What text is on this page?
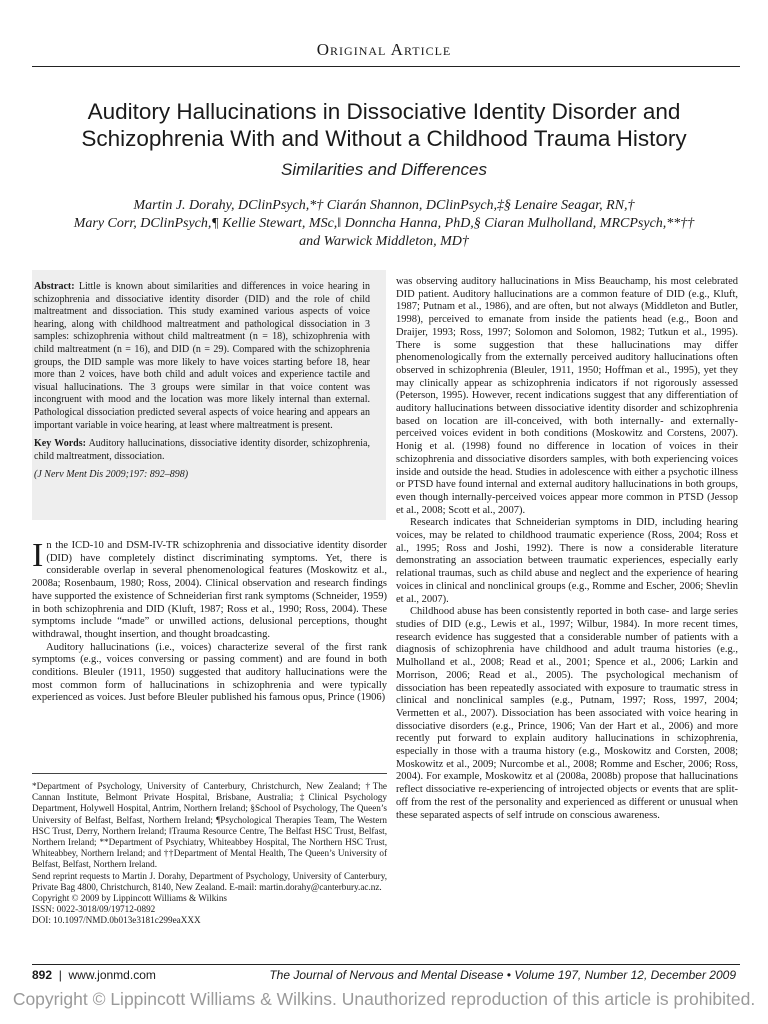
Original Article
Auditory Hallucinations in Dissociative Identity Disorder and Schizophrenia With and Without a Childhood Trauma History
Similarities and Differences
Martin J. Dorahy, DClinPsych,*† Ciarán Shannon, DClinPsych,‡§ Lenaire Seagar, RN,†
Mary Corr, DClinPsych,¶ Kellie Stewart, MSc,‖ Donncha Hanna, PhD,§ Ciaran Mulholland, MRCPsych,**††
and Warwick Middleton, MD†

Abstract: Little is known about similarities and differences in voice hearing in schizophrenia and dissociative identity disorder (DID) and the role of child maltreatment and dissociation. This study examined various aspects of voice hearing, along with childhood maltreatment and pathological dissociation in 3 samples: schizophrenia without child maltreatment (n = 18), schizophrenia with child maltreatment (n = 16), and DID (n = 29). Compared with the schizophrenia groups, the DID sample was more likely to have voices starting before 18, hear more than 2 voices, have both child and adult voices and experience tactile and visual hallucinations. The 3 groups were similar in that voice content was incongruent with mood and the location was more likely internal than external. Pathological dissociation predicted several aspects of voice hearing and appears an important variable in voice hearing, at least where maltreatment is present.

Key Words: Auditory hallucinations, dissociative identity disorder, schizophrenia, child maltreatment, dissociation.

(J Nerv Ment Dis 2009;197: 892–898)

In the ICD-10 and DSM-IV-TR schizophrenia and dissociative identity disorder (DID) have completely distinct discriminating symptoms. Yet, there is considerable overlap in several phenomenological features (Moskowitz et al., 2008a; Rosenbaum, 1980; Ross, 2004). Clinical observation and research findings have supported the existence of Schneiderian first rank symptoms (Schneider, 1959) in both schizophrenia and DID (Kluft, 1987; Ross et al., 1990; Ross, 2004). These symptoms include “made” or unwilled actions, delusional perceptions, thought withdrawal, thought insertion, and thought broadcasting.

Auditory hallucinations (i.e., voices) characterize several of the first rank symptoms (e.g., voices conversing or passing comment) and are found in both conditions. Bleuler (1911, 1950) suggested that auditory hallucinations were the most common form of hallucinations in schizophrenia and were typically experienced as voices. Just before Bleuler published his famous opus, Prince (1906)

*Department of Psychology, University of Canterbury, Christchurch, New Zealand; †The Cannan Institute, Belmont Private Hospital, Brisbane, Australia; ‡Clinical Psychology Department, Holywell Hospital, Antrim, Northern Ireland; §School of Psychology, The Queen’s University of Belfast, Belfast, Northern Ireland; ¶Psychological Therapies Team, The Western HSC Trust, Derry, Northern Ireland; ‖Trauma Resource Centre, The Belfast HSC Trust, Belfast, Northern Ireland; **Department of Psychiatry, Whiteabbey Hospital, The Northern HSC Trust, Whiteabbey, Northern Ireland; and ††Department of Mental Health, The Queen’s University of Belfast, Belfast, Northern Ireland.

Send reprint requests to Martin J. Dorahy, Department of Psychology, University of Canterbury, Private Bag 4800, Christchurch, 8140, New Zealand. E-mail: martin.dorahy@canterbury.ac.nz.

Copyright © 2009 by Lippincott Williams & Wilkins

ISSN: 0022-3018/09/19712-0892

DOI: 10.1097/NMD.0b013e3181c299eaXXX

was observing auditory hallucinations in Miss Beauchamp, his most celebrated DID patient. Auditory hallucinations are a common feature of DID (e.g., Kluft, 1987; Putnam et al., 1986), and are often, but not always (Middleton and Butler, 1998), perceived to emanate from inside the patients head (e.g., Boon and Draijer, 1993; Ross, 1997; Solomon and Solomon, 1982; Tutkun et al., 1995). There is some suggestion that these hallucinations may differ phenomenologically from the externally perceived auditory hallucinations often observed in schizophrenia (Bleuler, 1911, 1950; Hoffman et al., 1995), yet they may clinically appear as schizophrenia indicators if not rigorously assessed (Peterson, 1995). However, recent indications suggest that any differentiation of auditory hallucinations between dissociative identity disorder and schizophrenia based on location are ill-conceived, with both internally- and externally-perceived voices evident in both conditions (Moskowitz and Corstens, 2007). Honig et al. (1998) found no difference in location of voices in their schizophrenia and dissociative disorders samples, with both experiencing voices inside and outside the head. Studies in adolescence with either a psychotic illness or PTSD have found internal and external auditory hallucinations in both groups, even though internally-perceived voices appear more common in PTSD (Jessop et al., 2008; Scott et al., 2007).

Research indicates that Schneiderian symptoms in DID, including hearing voices, may be related to childhood traumatic experience (Ross, 2004; Ross et al., 1995; Ross and Joshi, 1992). There is now a considerable literature demonstrating an association between traumatic experiences, especially early relational traumas, such as child abuse and neglect and the experience of hearing voices in clinical and nonclinical groups (e.g., Romme and Escher, 2006; Shevlin et al., 2007).

Childhood abuse has been consistently reported in both case- and large series studies of DID (e.g., Lewis et al., 1997; Wilbur, 1984). In more recent times, research evidence has suggested that a considerable number of patients with a diagnosis of schizophrenia have childhood and adult trauma histories (e.g., Mulholland et al., 2008; Read et al., 2001; Spence et al., 2006; Larkin and Morrison, 2006; Read et al., 2005). The psychological mechanism of dissociation has been repeatedly associated with exposure to traumatic stress in clinical and nonclinical samples (e.g., Putnam, 1997; Ross, 1997, 2004; Vermetten et al., 2007). Dissociation has been associated with voice hearing in dissociative disorders (e.g., Prince, 1906; Van der Hart et al., 2006) and more recently put forward to explain auditory hallucinations in schizophrenia, especially in those with a trauma history (e.g., Moskowitz and Corsten, 2008; Moskowitz et al., 2009; Nurcombe et al., 2008; Romme and Escher, 2006; Ross, 2004). For example, Moskowitz et al (2008a, 2008b) propose that hallucinations reflect dissociative re-experiencing of introjected objects or events that are split-off from the rest of the personality and experienced as different or unusual when these separated aspects of self intrude on conscious awareness.

892 | www.jonmd.com	The Journal of Nervous and Mental Disease • Volume 197, Number 12, December 2009
Copyright © Lippincott Williams & Wilkins. Unauthorized reproduction of this article is prohibited.
